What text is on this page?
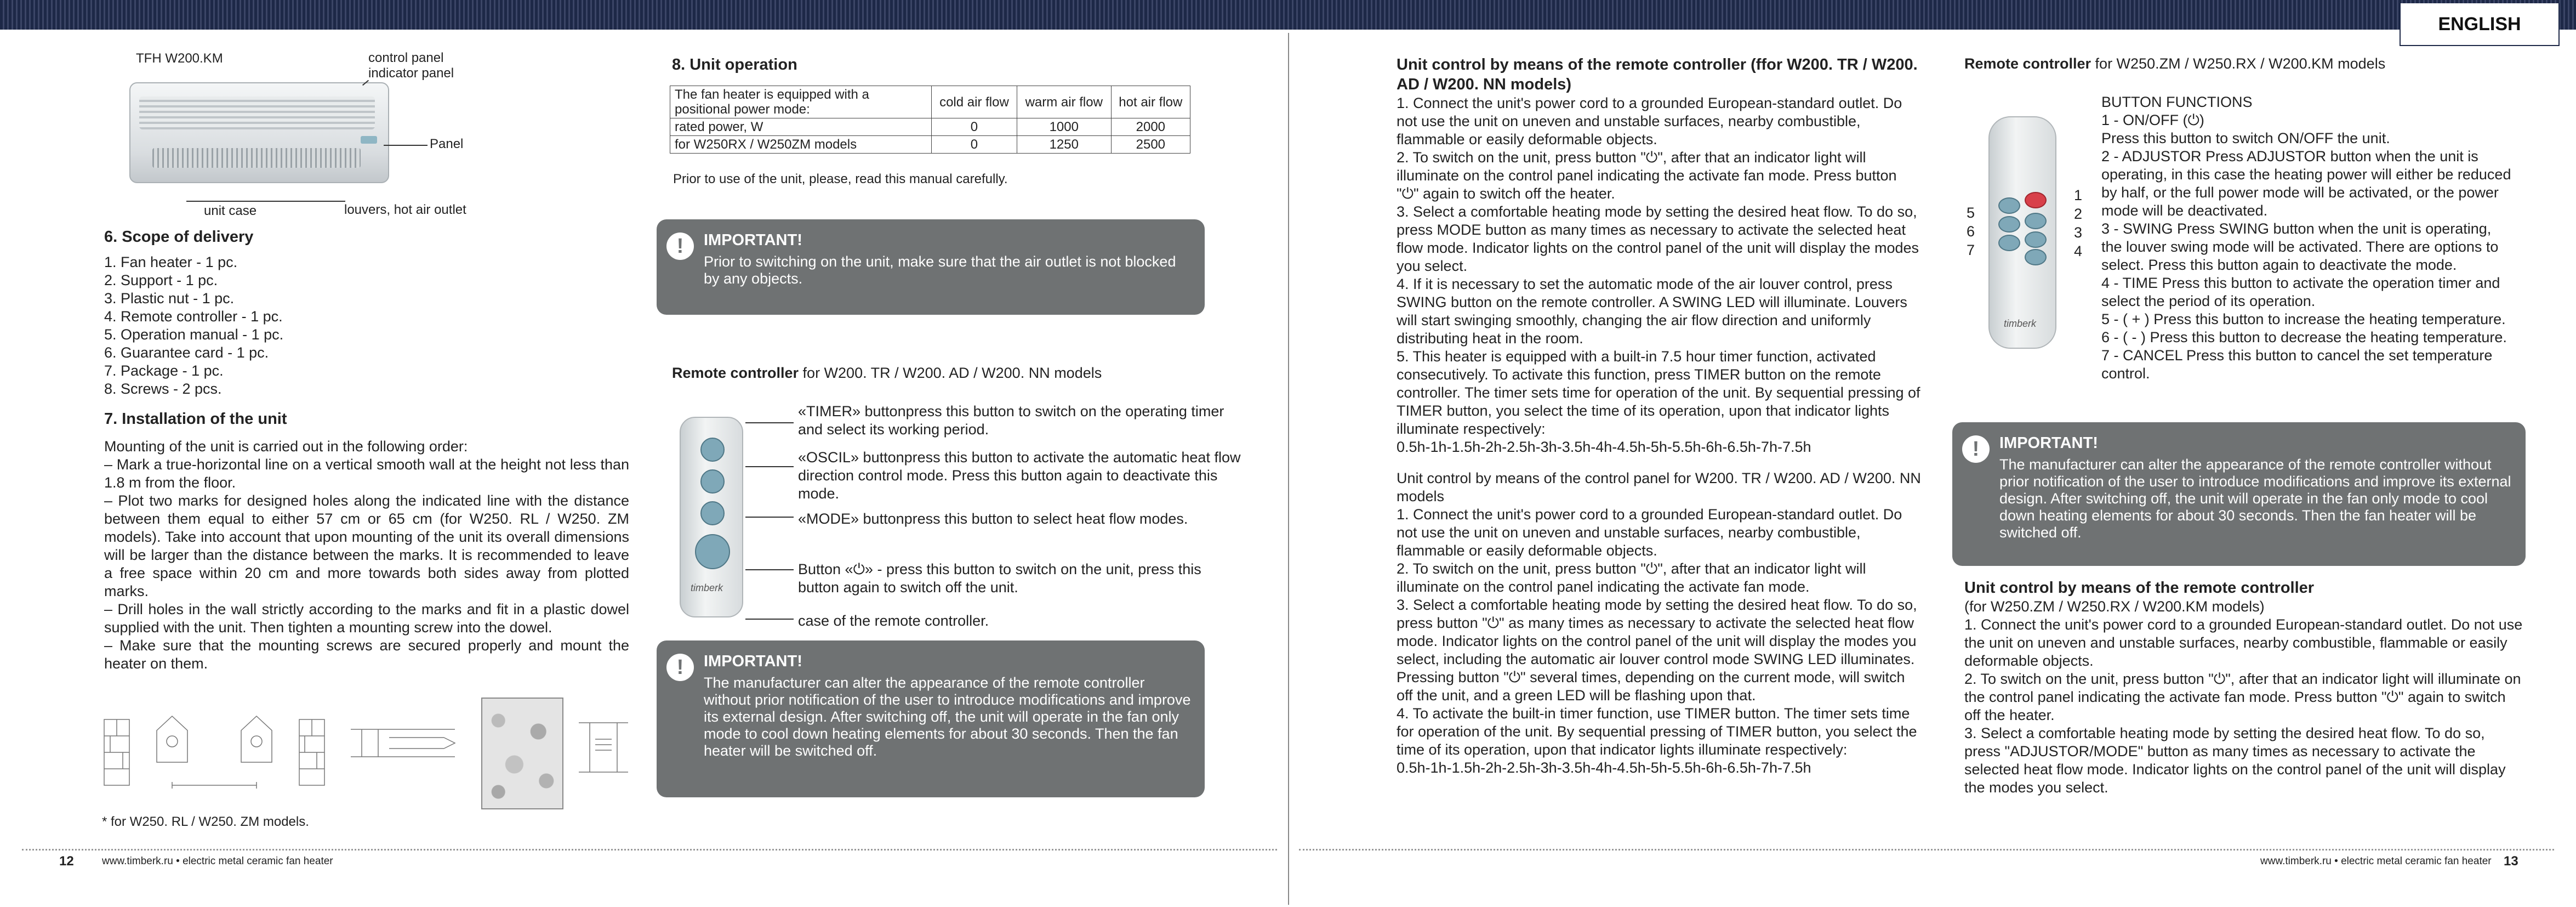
ENGLISH
TFH W200.KM	control panel indicator panel
Panel
unit case	louvers, hot air outlet
6. Scope of delivery
1. Fan heater - 1 pc.
2. Support - 1 pc.
3. Plastic nut - 1 pc.
4. Remote controller - 1 pc.
5. Operation manual - 1 pc.
6. Guarantee card - 1 pc.
7. Package - 1 pc.
8. Screws - 2 pcs.
7. Installation of the unit
Mounting of the unit is carried out in the following order:
– Mark a true-horizontal line on a vertical smooth wall at the height not less than 1.8 m from the floor.
– Plot two marks for designed holes along the indicated line with the distance between them equal to either 57 cm or 65 cm (for W250. RL / W250. ZM models). Take into account that upon mounting of the unit its overall dimensions will be larger than the distance between the marks. It is recommended to leave a free space within 20 cm and more towards both sides away from plotted marks.
– Drill holes in the wall strictly according to the marks and fit in a plastic dowel supplied with the unit. Then tighten a mounting screw into the dowel.
– Make sure that the mounting screws are secured properly and mount the heater on them.
* for W250. RL / W250. ZM models.
8. Unit operation
The fan heater is equipped with a positional power mode:	cold air flow	warm air flow	hot air flow
rated power, W	0	1000	2000
for W250RX / W250ZM models	0	1250	2500
Prior to use of the unit, please, read this manual carefully.
!	IMPORTANT!
Prior to switching on the unit, make sure that the air outlet is not blocked by any objects.
Remote controller for W200. TR / W200. AD / W200. NN models
timberk
«TIMER» buttonpress this button to switch on the operating timer and select its working period.
«OSCIL» buttonpress this button to activate the automatic heat flow direction control mode. Press this button again to deactivate this mode.
«MODE» buttonpress this button to select heat flow modes.
Button «⏻» - press this button to switch on the unit, press this button again to switch off the unit.
case of the remote controller.
!	IMPORTANT!
The manufacturer can alter the appearance of the remote controller without prior notification of the user to introduce modifications and improve its external design. After switching off, the unit will operate in the fan only mode to cool down heating elements for about 30 seconds. Then the fan heater will be switched off.
12	www.timberk.ru • electric metal ceramic fan heater
Unit control by means of the remote controller (ffor W200. TR / W200. AD / W200. NN models)
1. Connect the unit's power cord to a grounded European-standard outlet. Do not use the unit on uneven and unstable surfaces, nearby combustible, flammable or easily deformable objects.
2. To switch on the unit, press button "⏻", after that an indicator light will illuminate on the control panel indicating the activate fan mode. Press button "⏻" again to switch off the heater.
3. Select a comfortable heating mode by setting the desired heat flow. To do so, press MODE button as many times as necessary to activate the selected heat flow mode. Indicator lights on the control panel of the unit will display the modes you select.
4. If it is necessary to set the automatic mode of the air louver control, press SWING button on the remote controller. A SWING LED will illuminate. Louvers will start swinging smoothly, changing the air flow direction and uniformly distributing heat in the room.
5. This heater is equipped with a built-in 7.5 hour timer function, activated consecutively. To activate this function, press TIMER button on the remote controller. The timer sets time for operation of the unit. By sequential pressing of TIMER button, you select the time of its operation, upon that indicator lights illuminate respectively:
0.5h-1h-1.5h-2h-2.5h-3h-3.5h-4h-4.5h-5h-5.5h-6h-6.5h-7h-7.5h
Unit control by means of the control panel for W200. TR / W200. AD / W200. NN models
1. Connect the unit's power cord to a grounded European-standard outlet. Do not use the unit on uneven and unstable surfaces, nearby combustible, flammable or easily deformable objects.
2. To switch on the unit, press button "⏻", after that an indicator light will illuminate on the control panel indicating the activate fan mode.
3. Select a comfortable heating mode by setting the desired heat flow. To do so, press button "⏻" as many times as necessary to activate the selected heat flow mode. Indicator lights on the control panel of the unit will display the modes you select, including the automatic air louver control mode SWING LED illuminates. Pressing button "⏻" several times, depending on the current mode, will switch off the unit, and a green LED will be flashing upon that.
4. To activate the built-in timer function, use TIMER button. The timer sets time for operation of the unit. By sequential pressing of TIMER button, you select the time of its operation, upon that indicator lights illuminate respectively:
0.5h-1h-1.5h-2h-2.5h-3h-3.5h-4h-4.5h-5h-5.5h-6h-6.5h-7h-7.5h
Remote controller for W250.ZM / W250.RX / W200.KM models
timberk
5
6
7
1
2
3
4
BUTTON FUNCTIONS
1 - ON/OFF (⏻)
Press this button to switch ON/OFF the unit.
2 - ADJUSTOR Press ADJUSTOR button when the unit is operating, in this case the heating power will either be reduced by half, or the full power mode will be activated, or the power mode will be deactivated.
3 - SWING Press SWING button when the unit is operating, the louver swing mode will be activated. There are options to select. Press this button again to deactivate the mode.
4 - TIME Press this button to activate the operation timer and select the period of its operation.
5 - ( + ) Press this button to increase the heating temperature.
6 - ( - ) Press this button to decrease the heating temperature.
7 - CANCEL Press this button to cancel the set temperature control.
!	IMPORTANT!
The manufacturer can alter the appearance of the remote controller without prior notification of the user to introduce modifications and improve its external design. After switching off, the unit will operate in the fan only mode to cool down heating elements for about 30 seconds. Then the fan heater will be switched off.
Unit control by means of the remote controller
(for W250.ZM / W250.RX / W200.KM models)
1. Connect the unit's power cord to a grounded European-standard outlet. Do not use the unit on uneven and unstable surfaces, nearby combustible, flammable or easily deformable objects.
2. To switch on the unit, press button "⏻", after that an indicator light will illuminate on the control panel indicating the activate fan mode. Press button "⏻" again to switch off the heater.
3. Select a comfortable heating mode by setting the desired heat flow. To do so, press "ADJUSTOR/MODE" button as many times as necessary to activate the selected heat flow mode. Indicator lights on the control panel of the unit will display the modes you select.
www.timberk.ru • electric metal ceramic fan heater 13
